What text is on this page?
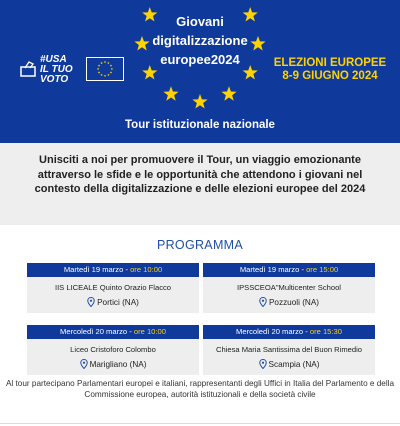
Giovani
digitalizzazione
europee2024
#USA
IL TUO
VOTO
ELEZIONI EUROPEE
8-9 GIUGNO 2024
Tour istituzionale nazionale
Unisciti a noi per promuovere il Tour, un viaggio emozionante attraverso le sfide e le opportunità che attendono i giovani nel contesto della digitalizzazione e delle elezioni europee del 2024
PROGRAMMA
Martedì 19 marzo - ore 10:00
IIS LICEALE Quinto Orazio Flacco
Portici (NA)
Martedì 19 marzo - ore 15:00
IPSSCEOA"Multicenter School
Pozzuoli (NA)
Mercoledì 20 marzo - ore 10:00
Liceo Cristoforo Colombo
Marigliano (NA)
Mercoledì 20 marzo - ore 15:30
Chiesa Maria Santissima del Buon Rimedio
Scampia (NA)
Al tour partecipano Parlamentari europei e italiani, rappresentanti degli Uffici in Italia del Parlamento e della Commissione europea, autorità istituzionali e della società civile
